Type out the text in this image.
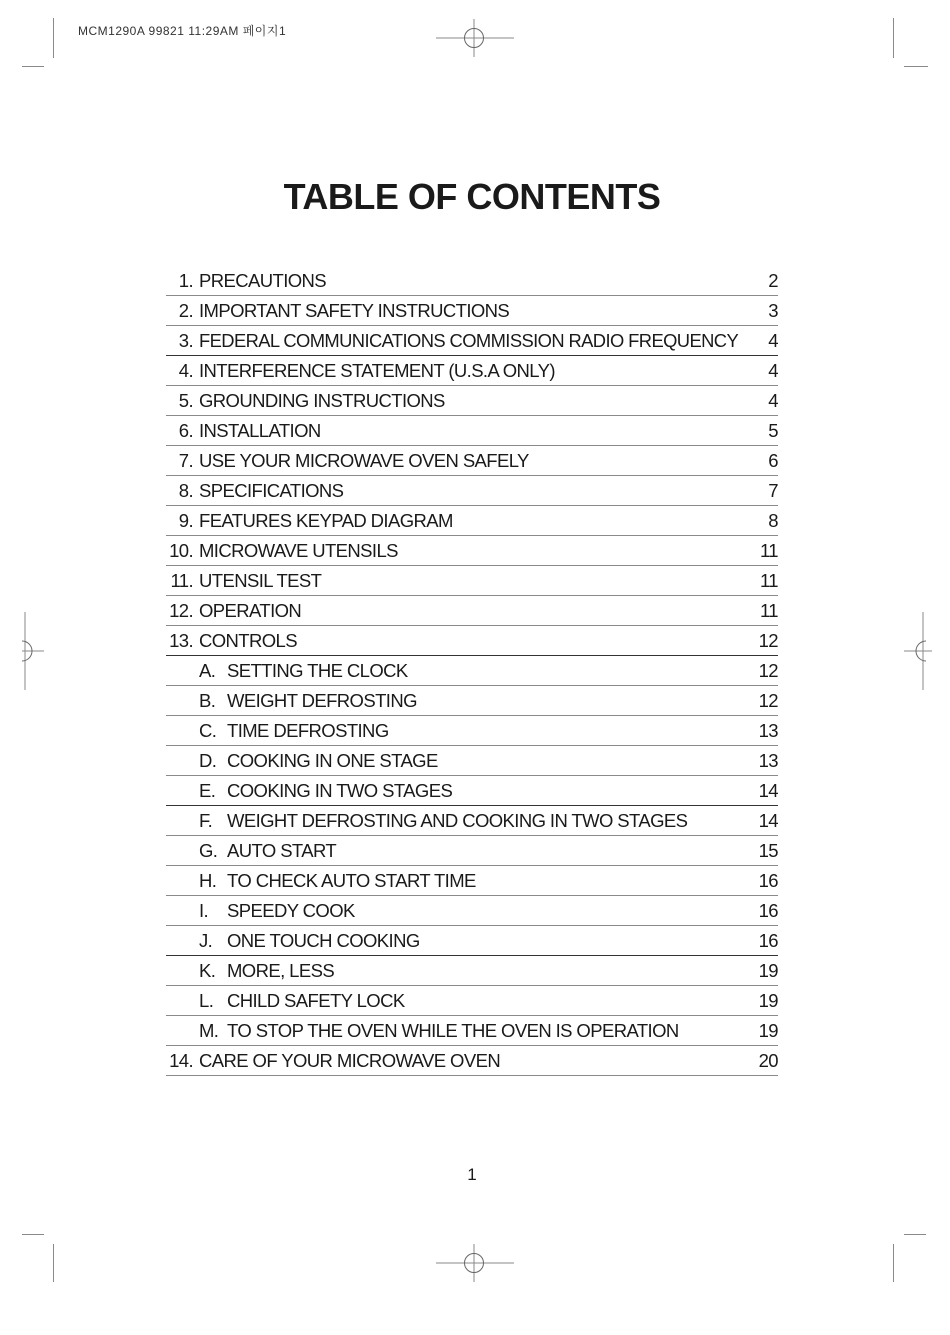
MCM1290A 99821 11:29AM 페이지1
TABLE OF CONTENTS
1. PRECAUTIONS	2
2. IMPORTANT SAFETY INSTRUCTIONS	3
3. FEDERAL COMMUNICATIONS COMMISSION RADIO FREQUENCY 4
4. INTERFERENCE STATEMENT (U.S.A ONLY)	4
5. GROUNDING INSTRUCTIONS	4
6. INSTALLATION	5
7. USE YOUR MICROWAVE OVEN SAFELY	6
8. SPECIFICATIONS	7
9. FEATURES KEYPAD DIAGRAM	8
10. MICROWAVE UTENSILS	11
11. UTENSIL TEST	11
12. OPERATION	11
13. CONTROLS	12
A. SETTING THE CLOCK	12
B. WEIGHT DEFROSTING	12
C. TIME DEFROSTING	13
D. COOKING IN ONE STAGE	13
E. COOKING IN TWO STAGES	14
F. WEIGHT DEFROSTING AND COOKING IN TWO STAGES	14
G. AUTO START	15
H. TO CHECK AUTO START TIME	16
I. SPEEDY COOK	16
J. ONE TOUCH COOKING	16
K. MORE, LESS	19
L. CHILD SAFETY LOCK	19
M. TO STOP THE OVEN WHILE THE OVEN IS OPERATION	19
14. CARE OF YOUR MICROWAVE OVEN	20
1
